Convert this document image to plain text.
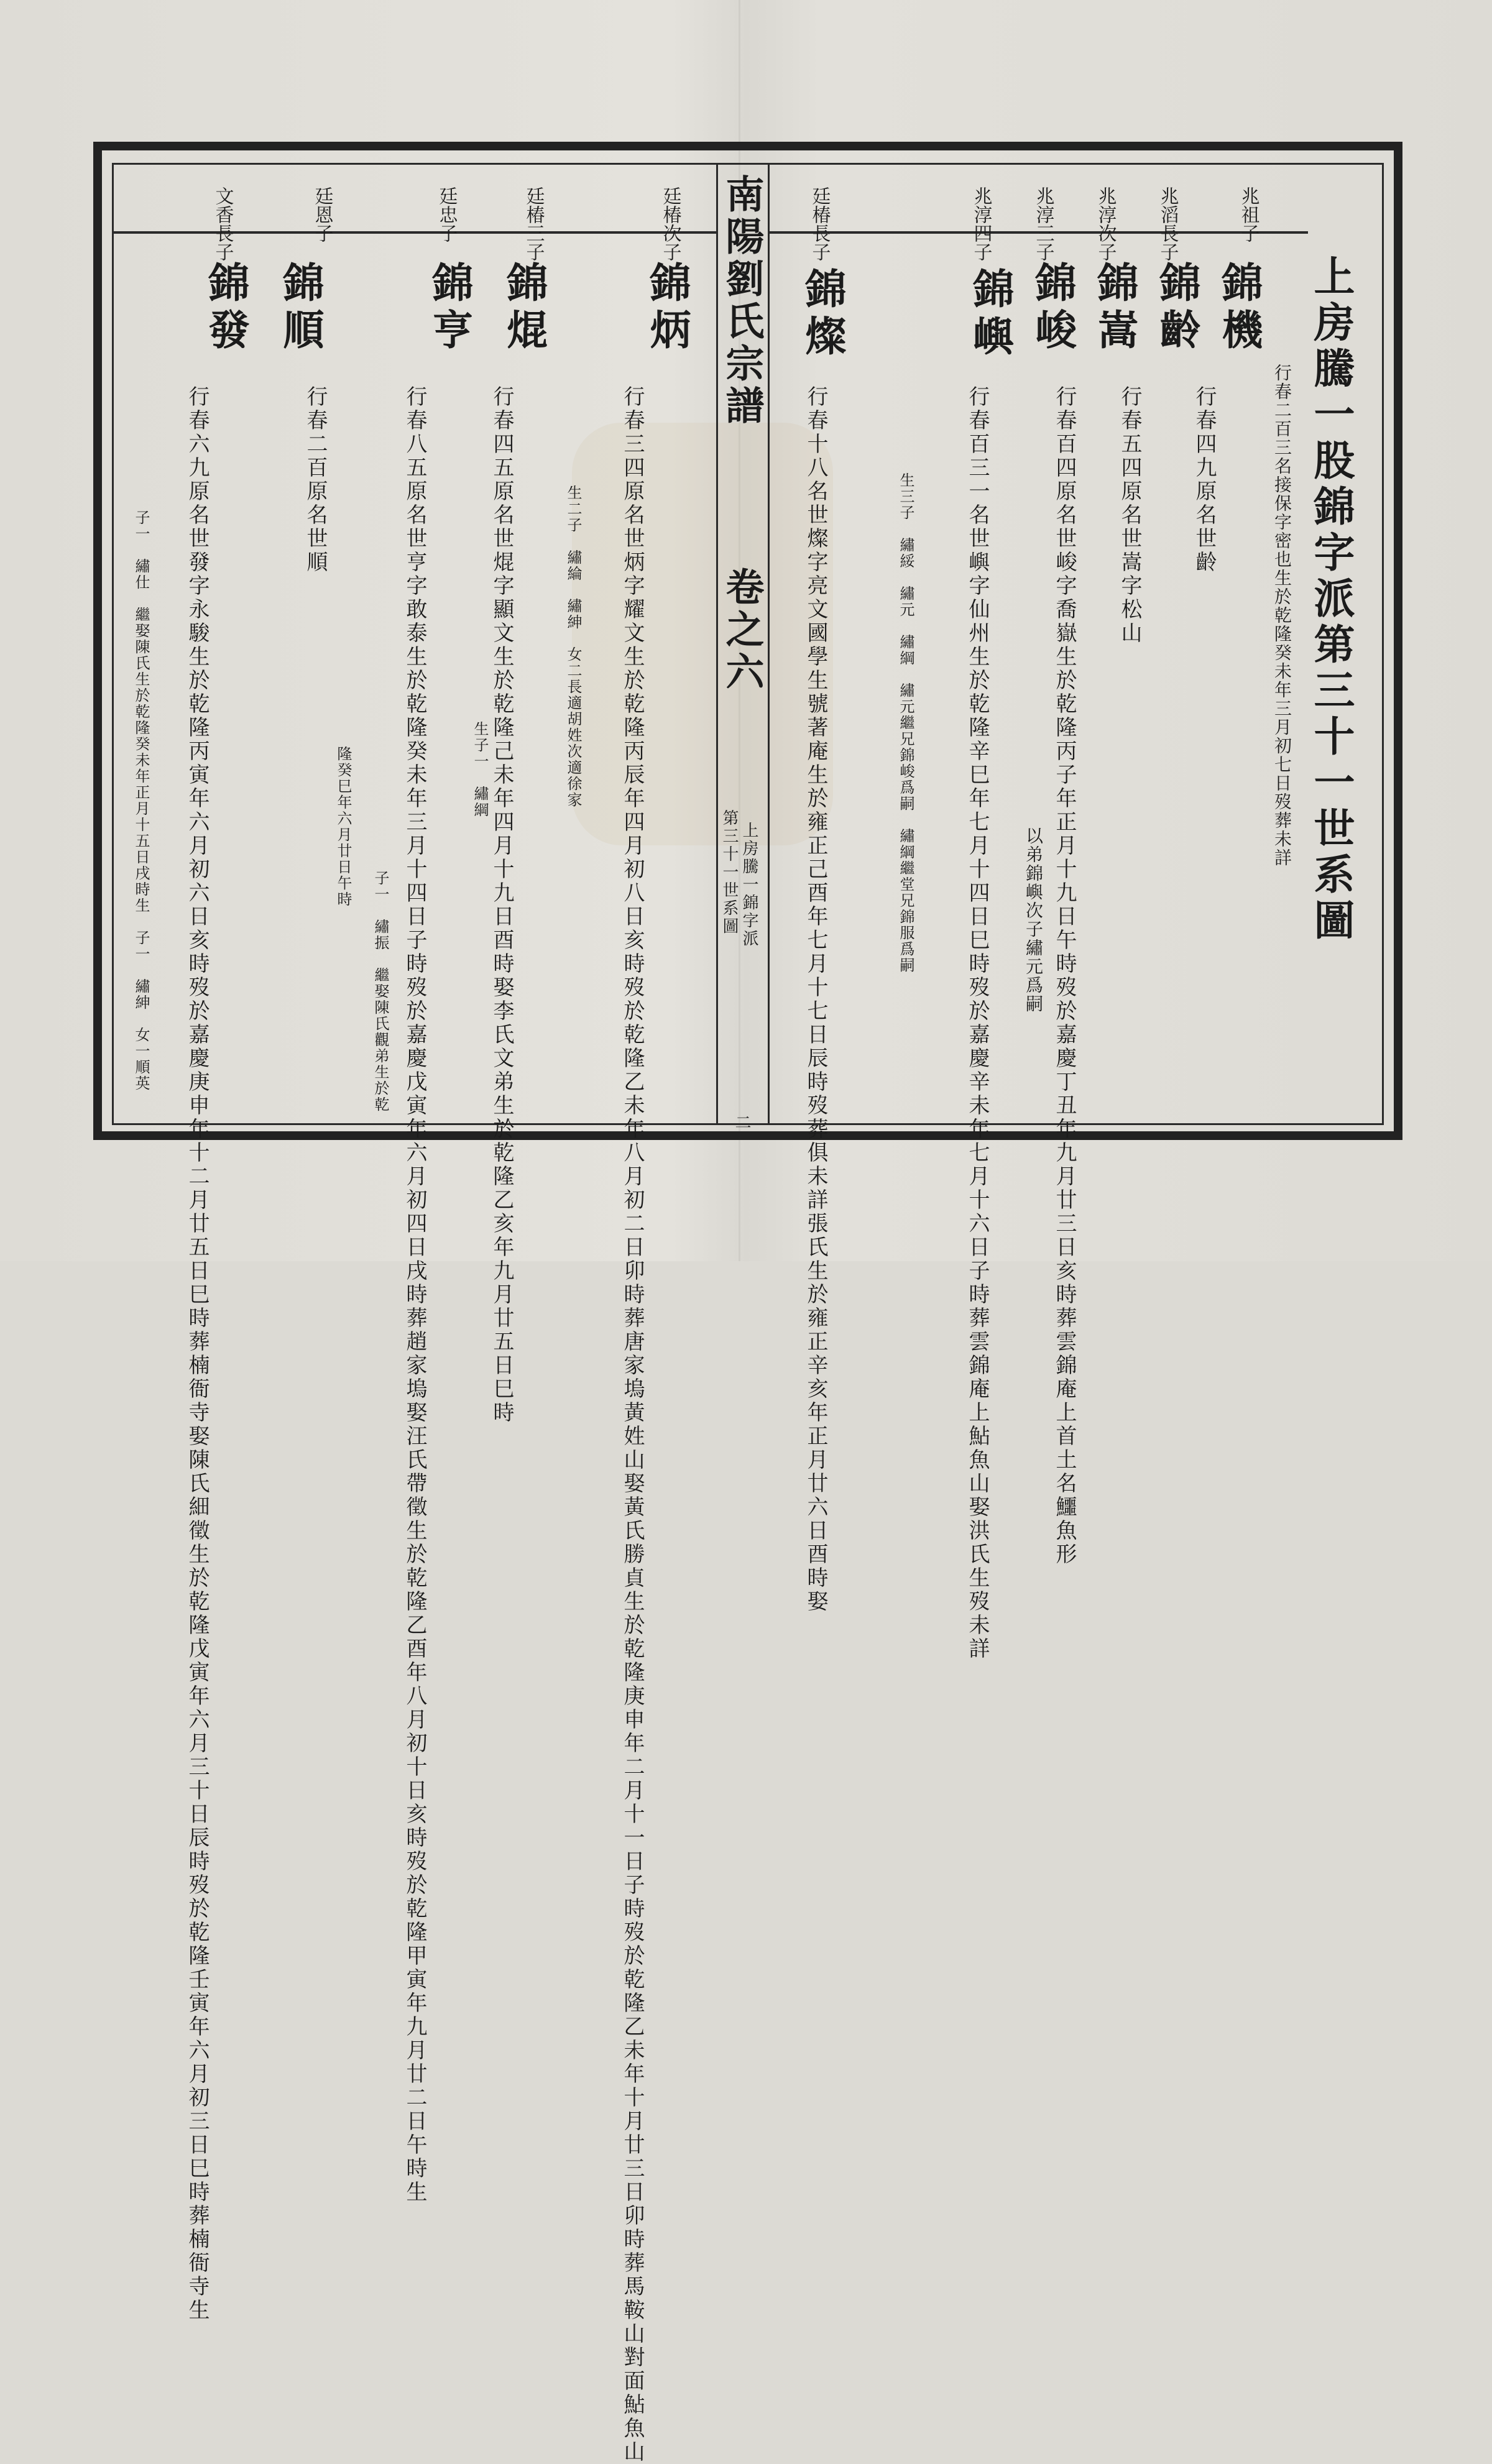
南陽劉氏宗譜
卷之六
上房騰一錦字派
第三十一世系圖
二
上房騰一股錦字派第三十一世系圖
行春二百三名接保字密也生於乾隆癸未年三月初七日歿葬未詳
兆祖子
錦機
行春四九原名世齡
兆滔長子
錦齡
行春五四原名世嵩字松山
兆淳次子
錦嵩
行春百四原名世峻字喬嶽生於乾隆丙子年正月十九日午時歿於嘉慶丁丑年九月廿三日亥時葬雲錦庵上首土名鱷魚形
以弟錦嶼次子繡元爲嗣
兆淳三子
錦峻
行春百三一名世嶼字仙州生於乾隆辛巳年七月十四日巳時歿於嘉慶辛未年七月十六日子時葬雲錦庵上鮎魚山娶洪氏生歿未詳
生三子　繡綏　繡元　繡綱　繡元繼兄錦峻爲嗣　繡綱繼堂兄錦服爲嗣
兆淳四子
錦嶼
廷椿長子
錦燦
行春十八名世燦字亮文國學生號著庵生於雍正己酉年七月十七日辰時歿葬俱未詳張氏生於雍正辛亥年正月廿六日酉時娶
廷椿次子
錦炳
行春三四原名世炳字耀文生於乾隆丙辰年四月初八日亥時歿於乾隆乙未年八月初二日卯時葬唐家塢黃姓山娶黃氏勝貞生於乾隆庚申年二月十一日子時歿於乾隆乙未年十月廿三日卯時葬馬鞍山對面鮎魚山
生二子　繡綸　繡紳　女二長適胡姓次適徐家
廷椿三子
錦焜
行春四五原名世焜字顯文生於乾隆己未年四月十九日酉時娶李氏文弟生於乾隆乙亥年九月廿五日巳時
生子一　繡綱
廷忠子
錦亨
行春八五原名世亨字敢泰生於乾隆癸未年三月十四日子時歿於嘉慶戊寅年六月初四日戌時葬趙家塢娶汪氏帶徵生於乾隆乙酉年八月初十日亥時歿於乾隆甲寅年九月廿二日午時生
子一　繡振　繼娶陳氏觀弟生於乾
廷恩子
錦順
行春二百原名世順
隆癸巳年六月廿日午時
文香長子
錦發
行春六九原名世發字永駿生於乾隆丙寅年六月初六日亥時歿於嘉慶庚申年十二月廿五日巳時葬楠衙寺娶陳氏細徵生於乾隆戊寅年六月三十日辰時歿於乾隆壬寅年六月初三日巳時葬楠衙寺生
子一　繡仕　繼娶陳氏生於乾隆癸未年正月十五日戌時生　子一　繡紳　女一順英
